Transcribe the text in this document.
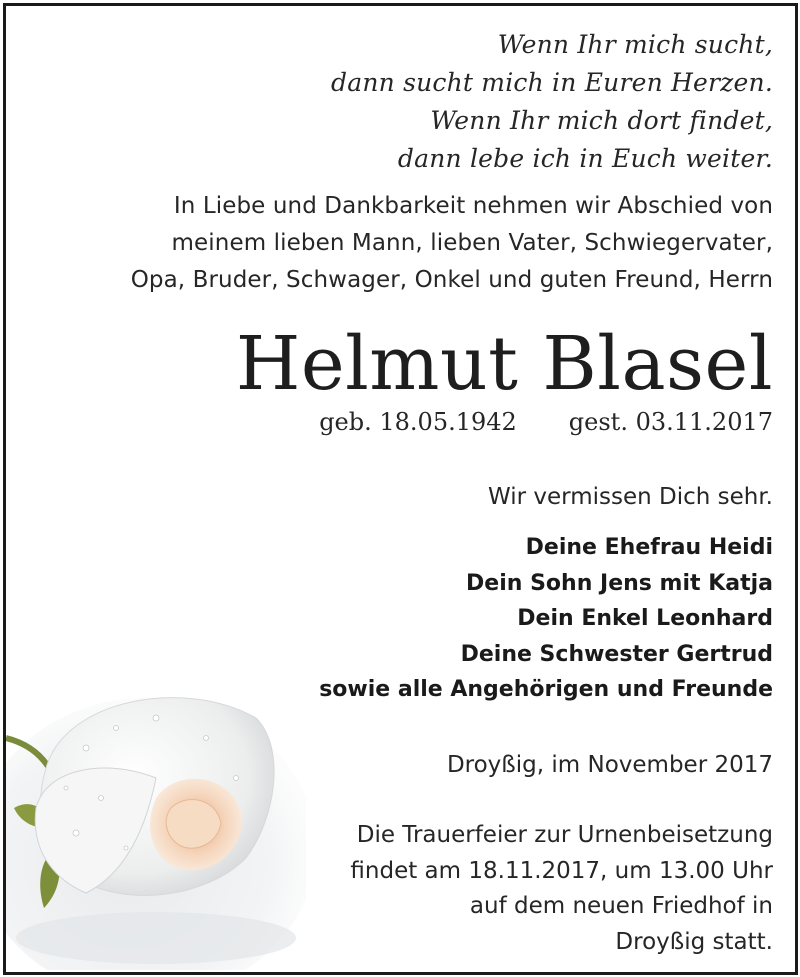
Wenn Ihr mich sucht,
dann sucht mich in Euren Herzen.
Wenn Ihr mich dort findet,
dann lebe ich in Euch weiter.
In Liebe und Dankbarkeit nehmen wir Abschied von
meinem lieben Mann, lieben Vater, Schwiegervater,
Opa, Bruder, Schwager, Onkel und guten Freund, Herrn
Helmut Blasel
geb. 18.05.1942 gest. 03.11.2017
Wir vermissen Dich sehr.
Deine Ehefrau Heidi
Dein Sohn Jens mit Katja
Dein Enkel Leonhard
Deine Schwester Gertrud
sowie alle Angehörigen und Freunde
Droyßig, im November 2017
Die Trauerfeier zur Urnenbeisetzung
findet am 18.11.2017, um 13.00 Uhr
auf dem neuen Friedhof in
Droyßig statt.
